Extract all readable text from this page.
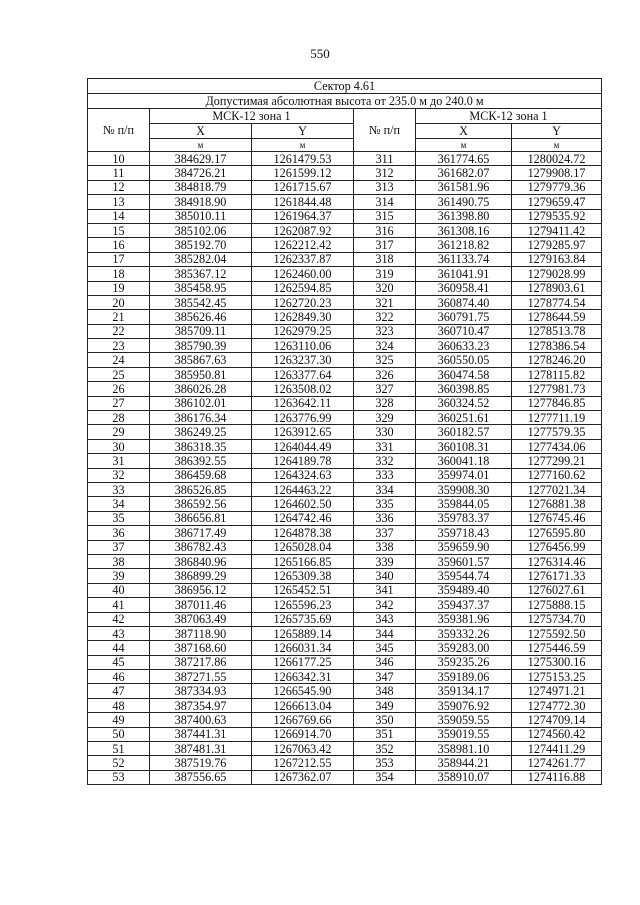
550
Сектор 4.61					
Допустимая абсолютная высота от 235.0 м до 240.0 м					
№ п/п	МСК-12 зона 1		№ п/п	МСК-12 зона 1	
	X	Y		X	Y
	м	м		м	м
10	384629.17	1261479.53	311	361774.65	1280024.72
11	384726.21	1261599.12	312	361682.07	1279908.17
12	384818.79	1261715.67	313	361581.96	1279779.36
13	384918.90	1261844.48	314	361490.75	1279659.47
14	385010.11	1261964.37	315	361398.80	1279535.92
15	385102.06	1262087.92	316	361308.16	1279411.42
16	385192.70	1262212.42	317	361218.82	1279285.97
17	385282.04	1262337.87	318	361133.74	1279163.84
18	385367.12	1262460.00	319	361041.91	1279028.99
19	385458.95	1262594.85	320	360958.41	1278903.61
20	385542.45	1262720.23	321	360874.40	1278774.54
21	385626.46	1262849.30	322	360791.75	1278644.59
22	385709.11	1262979.25	323	360710.47	1278513.78
23	385790.39	1263110.06	324	360633.23	1278386.54
24	385867.63	1263237.30	325	360550.05	1278246.20
25	385950.81	1263377.64	326	360474.58	1278115.82
26	386026.28	1263508.02	327	360398.85	1277981.73
27	386102.01	1263642.11	328	360324.52	1277846.85
28	386176.34	1263776.99	329	360251.61	1277711.19
29	386249.25	1263912.65	330	360182.57	1277579.35
30	386318.35	1264044.49	331	360108.31	1277434.06
31	386392.55	1264189.78	332	360041.18	1277299.21
32	386459.68	1264324.63	333	359974.01	1277160.62
33	386526.85	1264463.22	334	359908.30	1277021.34
34	386592.56	1264602.50	335	359844.05	1276881.38
35	386656.81	1264742.46	336	359783.37	1276745.46
36	386717.49	1264878.38	337	359718.43	1276595.80
37	386782.43	1265028.04	338	359659.90	1276456.99
38	386840.96	1265166.85	339	359601.57	1276314.46
39	386899.29	1265309.38	340	359544.74	1276171.33
40	386956.12	1265452.51	341	359489.40	1276027.61
41	387011.46	1265596.23	342	359437.37	1275888.15
42	387063.49	1265735.69	343	359381.96	1275734.70
43	387118.90	1265889.14	344	359332.26	1275592.50
44	387168.60	1266031.34	345	359283.00	1275446.59
45	387217.86	1266177.25	346	359235.26	1275300.16
46	387271.55	1266342.31	347	359189.06	1275153.25
47	387334.93	1266545.90	348	359134.17	1274971.21
48	387354.97	1266613.04	349	359076.92	1274772.30
49	387400.63	1266769.66	350	359059.55	1274709.14
50	387441.31	1266914.70	351	359019.55	1274560.42
51	387481.31	1267063.42	352	358981.10	1274411.29
52	387519.76	1267212.55	353	358944.21	1274261.77
53	387556.65	1267362.07	354	358910.07	1274116.88
